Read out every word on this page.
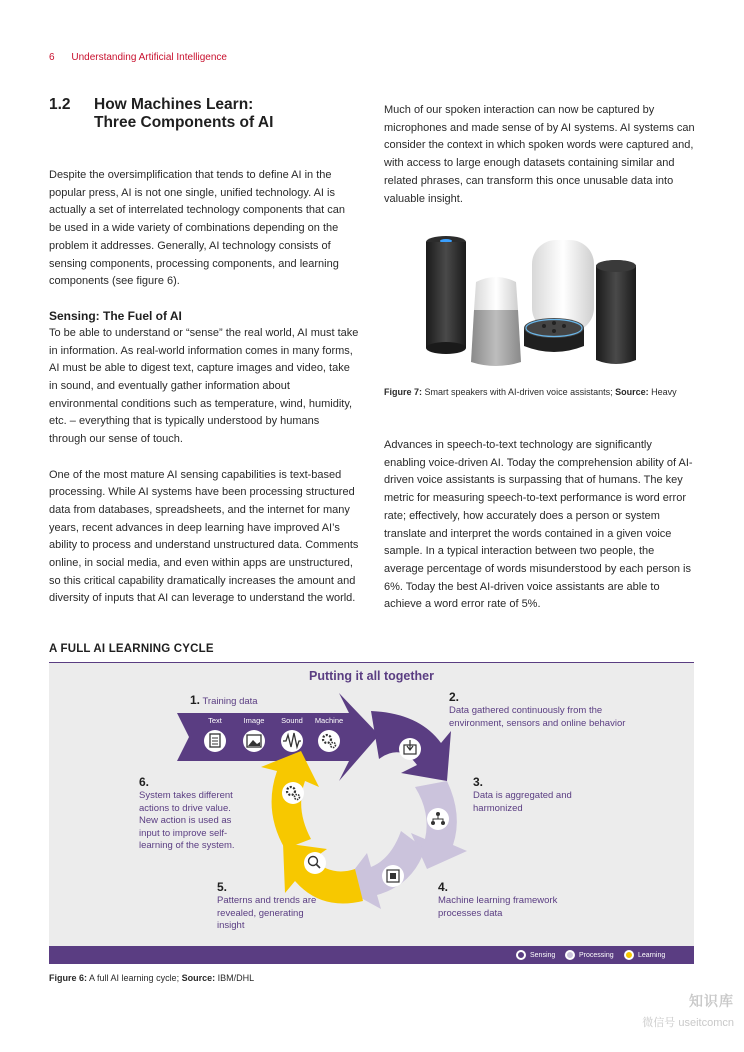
6 Understanding Artificial Intelligence
1.2	How Machines Learn:
Three Components of AI

Despite the oversimplification that tends to define AI in the popular press, AI is not one single, unified technology. AI is actually a set of interrelated technology components that can be used in a wide variety of combinations depending on the problem it addresses. Generally, AI technology consists of sensing components, processing components, and learning components (see figure 6).

Sensing: The Fuel of AI

To be able to understand or “sense” the real world, AI must take in information. As real-world information comes in many forms, AI must be able to digest text, capture images and video, take in sound, and eventually gather information about environmental conditions such as temperature, wind, humidity, etc. – everything that is typically understood by humans through our sense of touch.

One of the most mature AI sensing capabilities is text-based processing. While AI systems have been processing structured data from databases, spreadsheets, and the internet for many years, recent advances in deep learning have improved AI’s ability to process and understand unstructured data. Comments online, in social media, and even within apps are unstructured, so this critical capability dramatically increases the amount and diversity of inputs that AI can leverage to understand the world.

Much of our spoken interaction can now be captured by microphones and made sense of by AI systems. AI systems can consider the context in which spoken words were captured and, with access to large enough datasets containing similar and related phrases, can transform this once unusable data into valuable insight.

Figure 7: Smart speakers with AI-driven voice assistants; Source: Heavy

Advances in speech-to-text technology are significantly enabling voice-driven AI. Today the comprehension ability of AI-driven voice assistants is surpassing that of humans. The key metric for measuring speech-to-text performance is word error rate; effectively, how accurately does a person or system translate and interpret the words contained in a given voice sample. In a typical interaction between two people, the average percentage of words misunderstood by each person is 6%. Today the best AI-driven voice assistants are able to achieve a word error rate of 5%.

A FULL AI LEARNING CYCLE
Putting it all together
Text	Image	Sound	Machine
1. Training data	2.
Data gathered continuously from the environment, sensors and online behavior
3.
Data is aggregated and harmonized
4.
Machine learning framework processes data
5.
Patterns and trends are revealed, generating insight
6.
System takes different actions to drive value. New action is used as input to improve self-learning of the system.
Sensing	Processing	Learning
Figure 6: A full AI learning cycle; Source: IBM/DHL
知识库
微信号 useitcomcn
